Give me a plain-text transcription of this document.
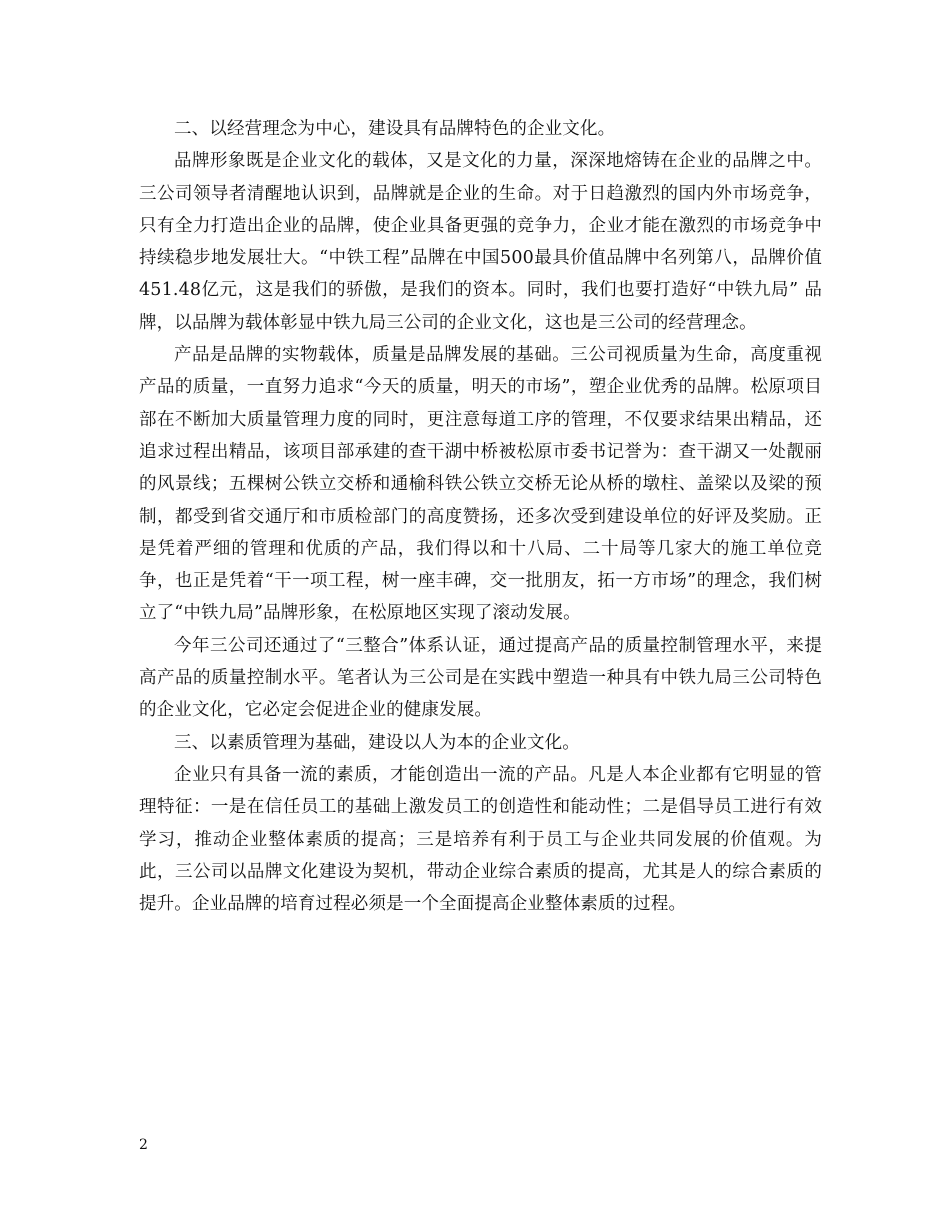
二、以经营理念为中心，建设具有品牌特色的企业文化。

品牌形象既是企业文化的载体，又是文化的力量，深深地熔铸在企业的品牌之中。三公司领导者清醒地认识到，品牌就是企业的生命。对于日趋激烈的国内外市场竞争，只有全力打造出企业的品牌，使企业具备更强的竞争力，企业才能在激烈的市场竞争中持续稳步地发展壮大。“中铁工程”品牌在中国500最具价值品牌中名列第八，品牌价值451.48亿元，这是我们的骄傲，是我们的资本。同时，我们也要打造好“中铁九局” 品牌，以品牌为载体彰显中铁九局三公司的企业文化，这也是三公司的经营理念。

产品是品牌的实物载体，质量是品牌发展的基础。三公司视质量为生命，高度重视产品的质量，一直努力追求“今天的质量，明天的市场”，塑企业优秀的品牌。松原项目部在不断加大质量管理力度的同时，更注意每道工序的管理，不仅要求结果出精品，还追求过程出精品，该项目部承建的查干湖中桥被松原市委书记誉为：查干湖又一处靓丽的风景线；五棵树公铁立交桥和通榆科铁公铁立交桥无论从桥的墩柱、盖梁以及梁的预制，都受到省交通厅和市质检部门的高度赞扬，还多次受到建设单位的好评及奖励。正是凭着严细的管理和优质的产品，我们得以和十八局、二十局等几家大的施工单位竞争，也正是凭着“干一项工程，树一座丰碑，交一批朋友，拓一方市场”的理念，我们树立了“中铁九局”品牌形象，在松原地区实现了滚动发展。

今年三公司还通过了“三整合”体系认证，通过提高产品的质量控制管理水平，来提高产品的质量控制水平。笔者认为三公司是在实践中塑造一种具有中铁九局三公司特色的企业文化，它必定会促进企业的健康发展。

三、以素质管理为基础，建设以人为本的企业文化。

企业只有具备一流的素质，才能创造出一流的产品。凡是人本企业都有它明显的管理特征：一是在信任员工的基础上激发员工的创造性和能动性；二是倡导员工进行有效学习，推动企业整体素质的提高；三是培养有利于员工与企业共同发展的价值观。为此，三公司以品牌文化建设为契机，带动企业综合素质的提高，尤其是人的综合素质的提升。企业品牌的培育过程必须是一个全面提高企业整体素质的过程。

2
